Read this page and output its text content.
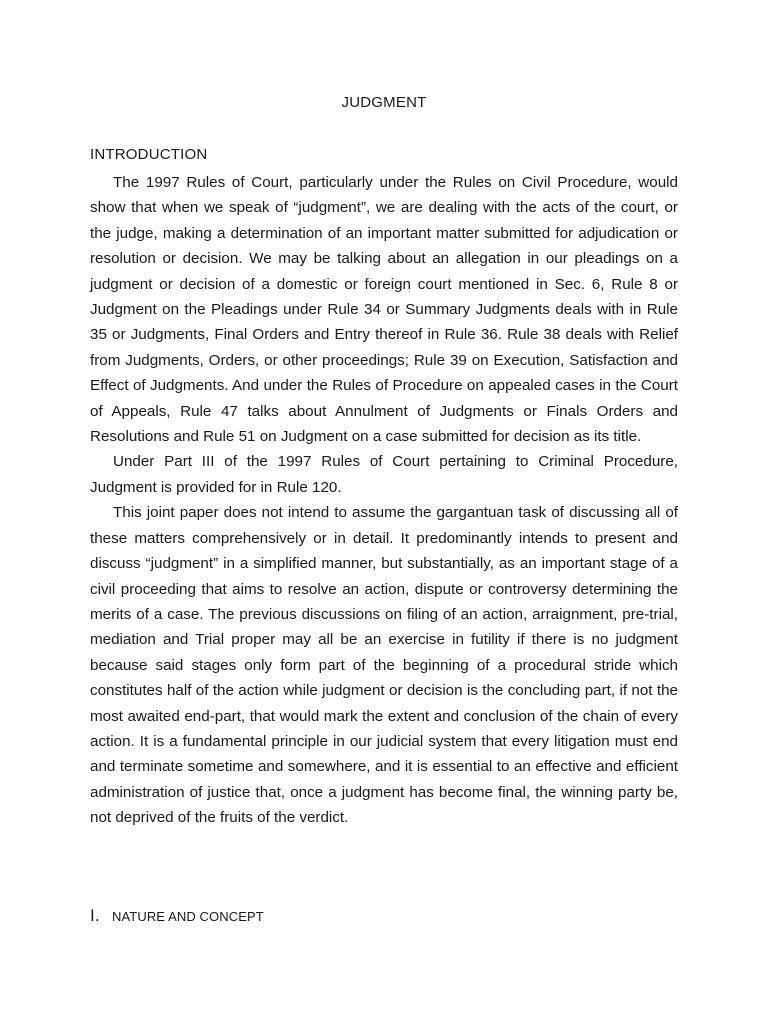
JUDGMENT
INTRODUCTION

The 1997 Rules of Court, particularly under the Rules on Civil Procedure, would show that when we speak of “judgment”, we are dealing with the acts of the court, or the judge, making a determination of an important matter submitted for adjudication or resolution or decision. We may be talking about an allegation in our pleadings on a judgment or decision of a domestic or foreign court mentioned in Sec. 6, Rule 8 or Judgment on the Pleadings under Rule 34 or Summary Judgments deals with in Rule 35 or Judgments, Final Orders and Entry thereof in Rule 36. Rule 38 deals with Relief from Judgments, Orders, or other proceedings; Rule 39 on Execution, Satisfaction and Effect of Judgments. And under the Rules of Procedure on appealed cases in the Court of Appeals, Rule 47 talks about Annulment of Judgments or Finals Orders and Resolutions and Rule 51 on Judgment on a case submitted for decision as its title.

Under Part III of the 1997 Rules of Court pertaining to Criminal Procedure, Judgment is provided for in Rule 120.

This joint paper does not intend to assume the gargantuan task of discussing all of these matters comprehensively or in detail. It predominantly intends to present and discuss “judgment” in a simplified manner, but substantially, as an important stage of a civil proceeding that aims to resolve an action, dispute or controversy determining the merits of a case. The previous discussions on filing of an action, arraignment, pre-trial, mediation and Trial proper may all be an exercise in futility if there is no judgment because said stages only form part of the beginning of a procedural stride which constitutes half of the action while judgment or decision is the concluding part, if not the most awaited end-part, that would mark the extent and conclusion of the chain of every action. It is a fundamental principle in our judicial system that every litigation must end and terminate sometime and somewhere, and it is essential to an effective and efficient administration of justice that, once a judgment has become final, the winning party be, not deprived of the fruits of the verdict.

I. NATURE AND CONCEPT
